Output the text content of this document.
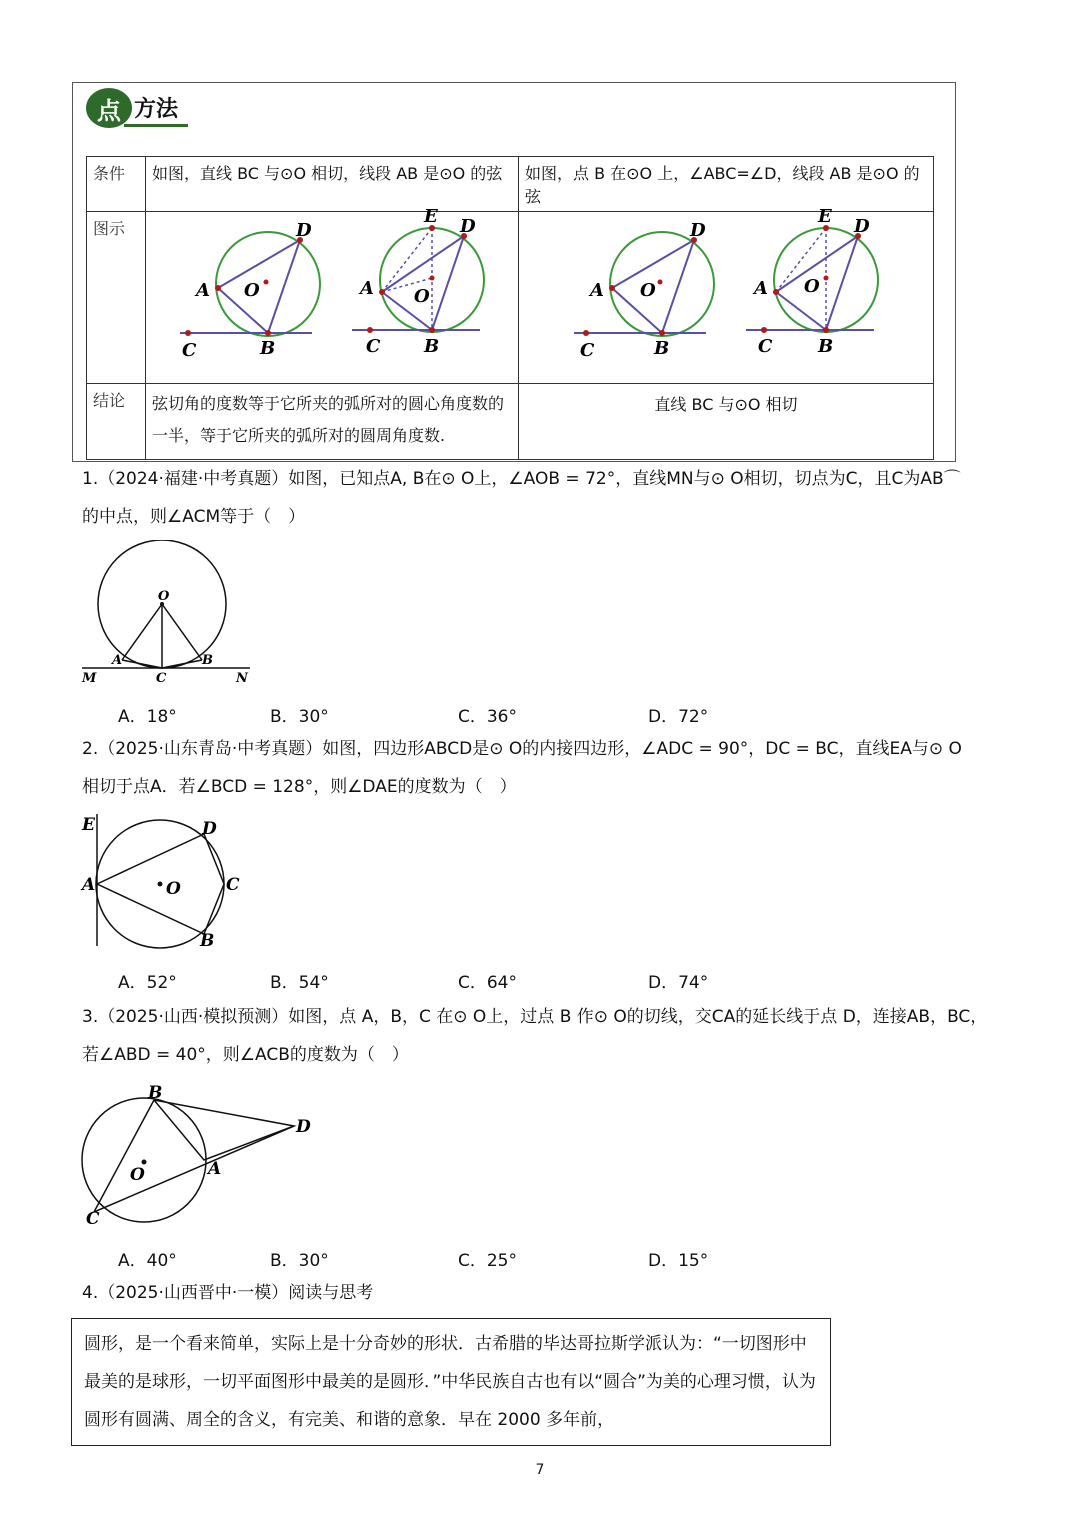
点 方法
条件	如图，直线 BC 与⊙O 相切，线段 AB 是⊙O 的弦	如图，点 B 在⊙O 上，∠ABC=∠D，线段 AB 是⊙O 的弦
图示		
结论	弦切角的度数等于它所夹的弧所对的圆心角度数的一半，等于它所夹的弧所对的圆周角度数.	直线 BC 与⊙O 相切
A
D
O
B
C
A
E D
O
B
C
A
D
O
B
C
A
E D
O
B
C
1.（2024·福建·中考真题）如图，已知点A, B在⊙ O上，∠AOB = 72°，直线MN与⊙ O相切，切点为C，且C为AB⌒
的中点，则∠ACM等于（　）
O
A	B
M	C	N
A．18°	B．30°	C．36°	D．72°
2.（2025·山东青岛·中考真题）如图，四边形ABCD是⊙ O的内接四边形，∠ADC = 90°，DC = BC，直线EA与⊙ O
相切于点A．若∠BCD = 128°，则∠DAE的度数为（　）
E	D
A	O	C
B
A．52°	B．54°	C．64°	D．74°
3.（2025·山西·模拟预测）如图，点 A，B，C 在⊙ O上，过点 B 作⊙ O的切线，交CA的延长线于点 D，连接AB，BC，
若∠ABD = 40°，则∠ACB的度数为（　）
B
D
A
O
C
A．40°	B．30°	C．25°	D．15°
4.（2025·山西晋中·一模）阅读与思考
圆形，是一个看来简单，实际上是十分奇妙的形状．古希腊的毕达哥拉斯学派认为：“一切图形中最美的是球形，一切平面图形中最美的是圆形．”中华民族自古也有以“圆合”为美的心理习惯，认为圆形有圆满、周全的含义，有完美、和谐的意象．早在 2000 多年前，
7
